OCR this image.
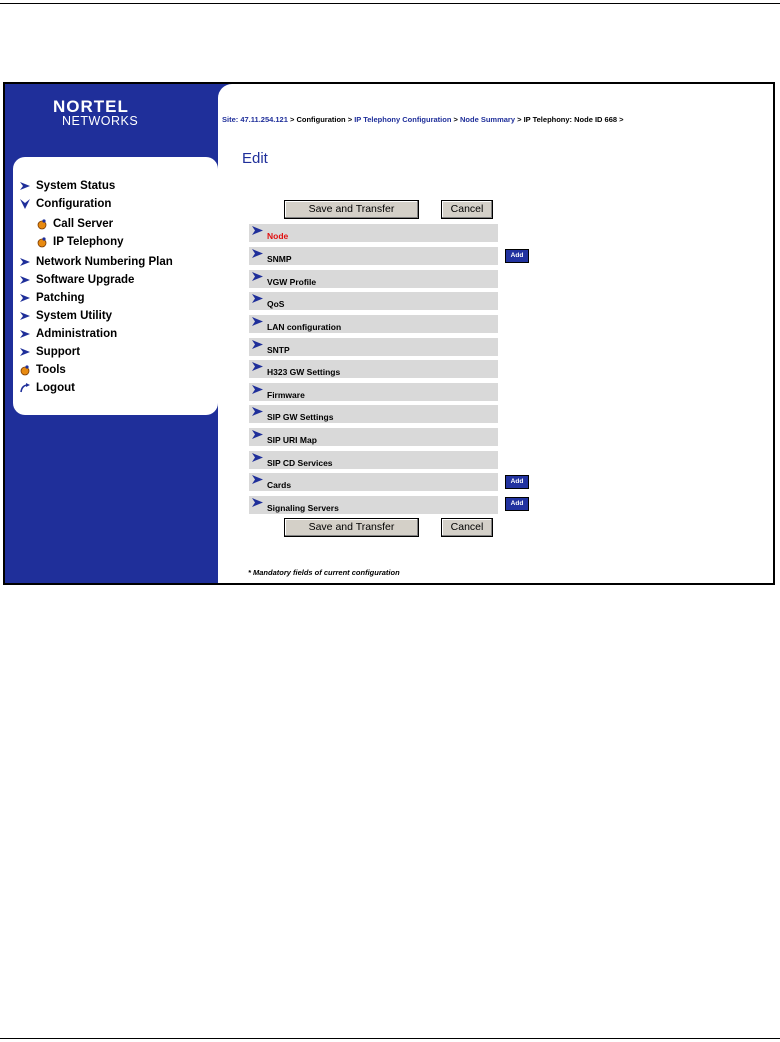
NORTEL
NETWORKS
System Status
Configuration
Call Server
IP Telephony
Network Numbering Plan
Software Upgrade
Patching
System Utility
Administration
Support
Tools
Logout
Site: 47.11.254.121 > Configuration > IP Telephony Configuration > Node Summary > IP Telephony: Node ID 668 >
Edit
Save and Transfer	Cancel
Node
SNMP	Add
VGW Profile
QoS
LAN configuration
SNTP
H323 GW Settings
Firmware
SIP GW Settings
SIP URI Map
SIP CD Services
Cards	Add
Signaling Servers	Add
Save and Transfer	Cancel
* Mandatory fields of current configuration
